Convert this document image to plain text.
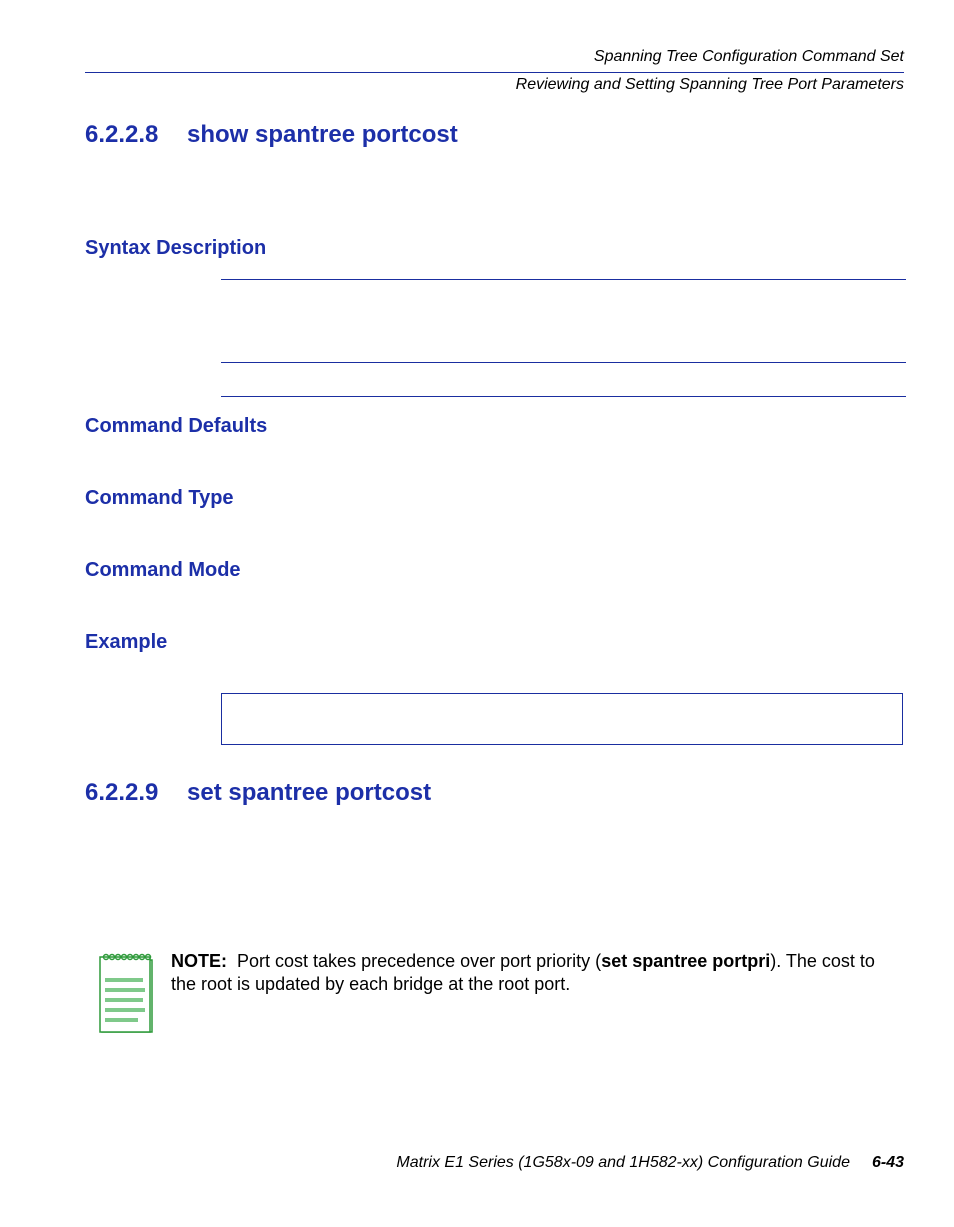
Spanning Tree Configuration Command Set
Reviewing and Setting Spanning Tree Port Parameters
6.2.2.8 show spantree portcost
Syntax Description
Command Defaults
Command Type
Command Mode
Example
6.2.2.9 set spantree portcost
NOTE: Port cost takes precedence over port priority (set spantree portpri). The cost to the root is updated by each bridge at the root port.
Matrix E1 Series (1G58x-09 and 1H582-xx) Configuration Guide 6-43
